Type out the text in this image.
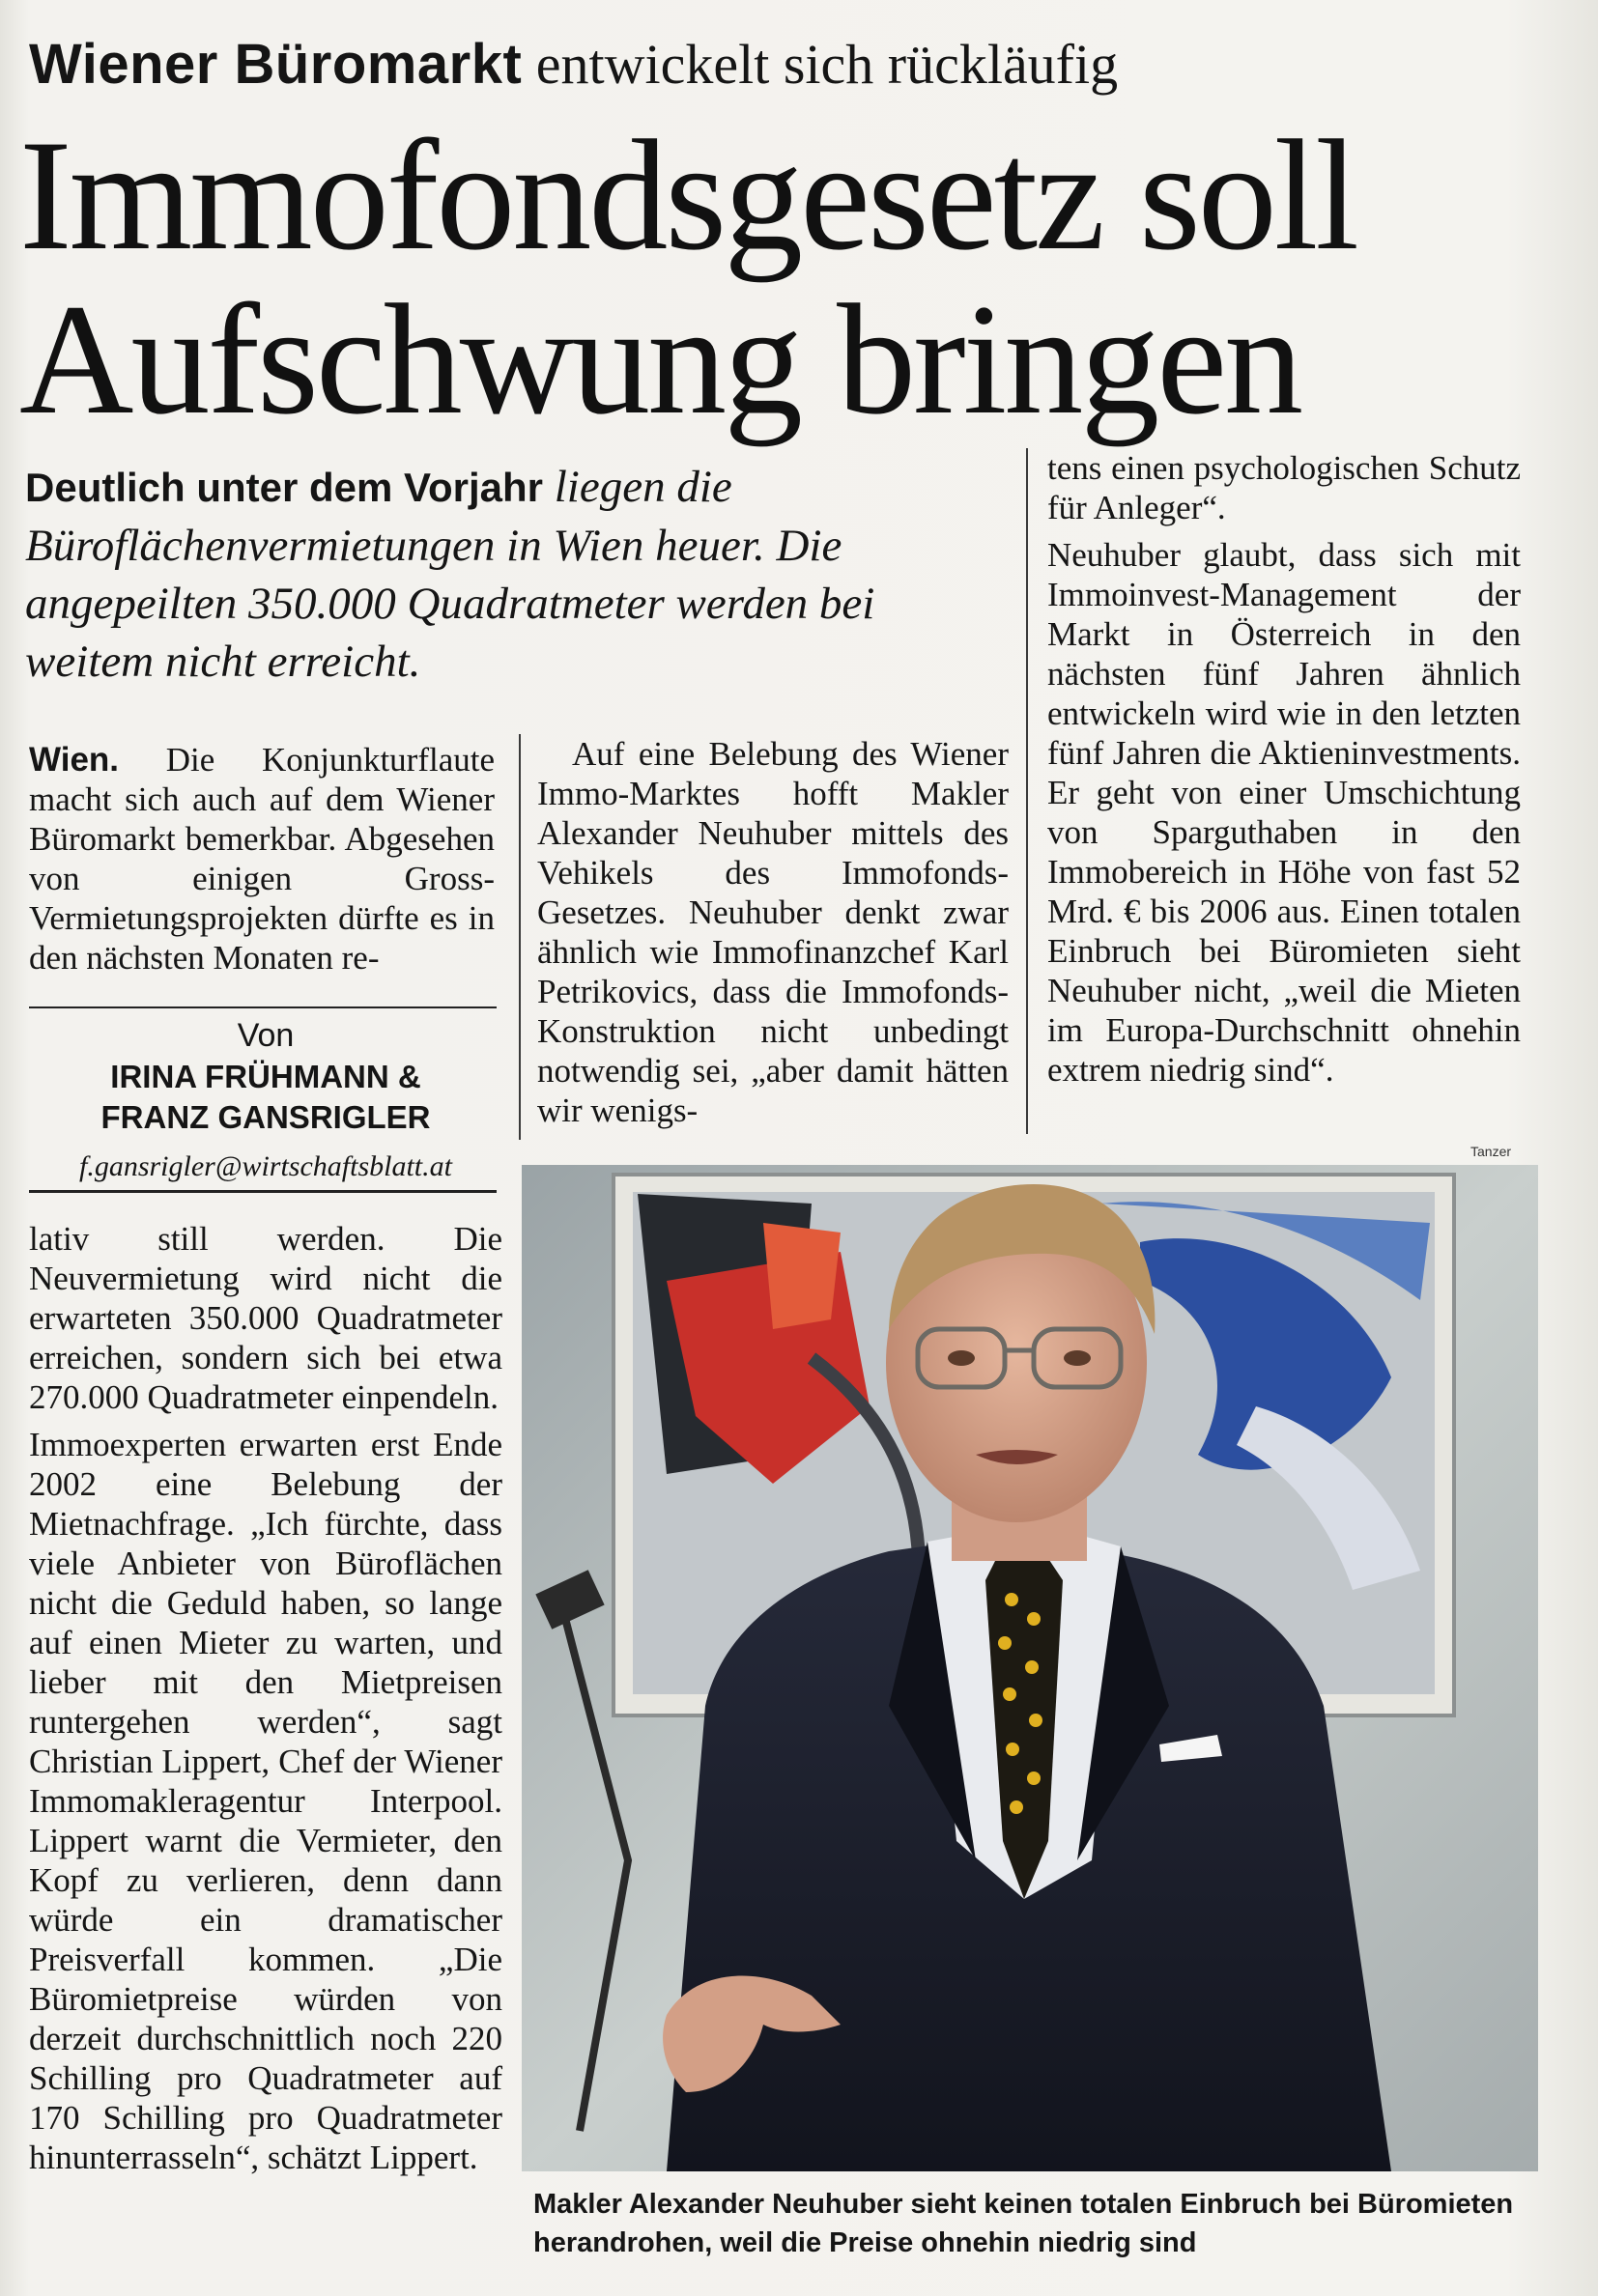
Wiener Büromarkt entwickelt sich rückläufig
Immofondsgesetz soll
Aufschwung bringen
Deutlich unter dem Vorjahr liegen die Büroflächenvermietungen in Wien heuer. Die angepeilten 350.000 Quadratmeter werden bei weitem nicht erreicht.

Wien. Die Konjunkturflaute macht sich auch auf dem Wiener Büromarkt bemerkbar. Abgesehen von einigen Gross-Vermietungsprojekten dürfte es in den nächsten Monaten re-

Von
IRINA FRÜHMANN &
FRANZ GANSRIGLER
f.gansrigler@wirtschaftsblatt.at

lativ still werden. Die Neuvermietung wird nicht die erwarteten 350.000 Quadratmeter erreichen, sondern sich bei etwa 270.000 Quadratmeter einpendeln.

Immoexperten erwarten erst Ende 2002 eine Belebung der Mietnachfrage. „Ich fürchte, dass viele Anbieter von Büroflächen nicht die Geduld haben, so lange auf einen Mieter zu warten, und lieber mit den Mietpreisen runtergehen werden“, sagt Christian Lippert, Chef der Wiener Immomakleragentur Interpool. Lippert warnt die Vermieter, den Kopf zu verlieren, denn dann würde ein dramatischer Preisverfall kommen. „Die Büromietpreise würden von derzeit durchschnittlich noch 220 Schilling pro Quadratmeter auf 170 Schilling pro Quadratmeter hinunterrasseln“, schätzt Lippert.

Auf eine Belebung des Wiener Immo-Marktes hofft Makler Alexander Neuhuber mittels des Vehikels des Immofonds-Gesetzes. Neuhuber denkt zwar ähnlich wie Immofinanzchef Karl Petrikovics, dass die Immofonds-Konstruktion nicht unbedingt notwendig sei, „aber damit hätten wir wenigs-

tens einen psychologischen Schutz für Anleger“.

Neuhuber glaubt, dass sich mit Immoinvest-Management der Markt in Österreich in den nächsten fünf Jahren ähnlich entwickeln wird wie in den letzten fünf Jahren die Aktieninvestments. Er geht von einer Umschichtung von Sparguthaben in den Immobereich in Höhe von fast 52 Mrd. € bis 2006 aus. Einen totalen Einbruch bei Büromieten sieht Neuhuber nicht, „weil die Mieten im Europa-Durchschnitt ohnehin extrem niedrig sind“.

Tanzer
Makler Alexander Neuhuber sieht keinen totalen Einbruch bei Büromieten herandrohen, weil die Preise ohnehin niedrig sind
